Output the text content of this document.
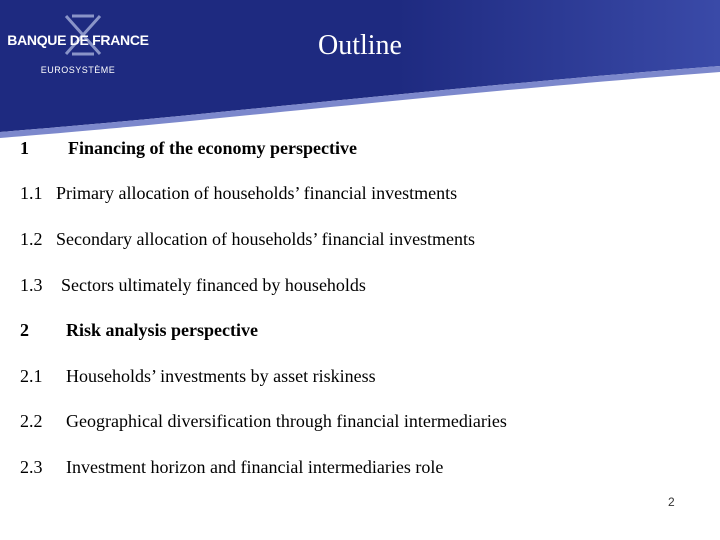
BANQUE DE FRANCE
EUROSYSTÈME
Outline
1 Financing of the economy perspective
1.1 Primary allocation of households’ financial investments
1.2 Secondary allocation of households’ financial investments
1.3 Sectors ultimately financed by households
2 Risk analysis perspective
2.1 Households’ investments by asset riskiness
2.2 Geographical diversification through financial intermediaries
2.3 Investment horizon and financial intermediaries role
2
